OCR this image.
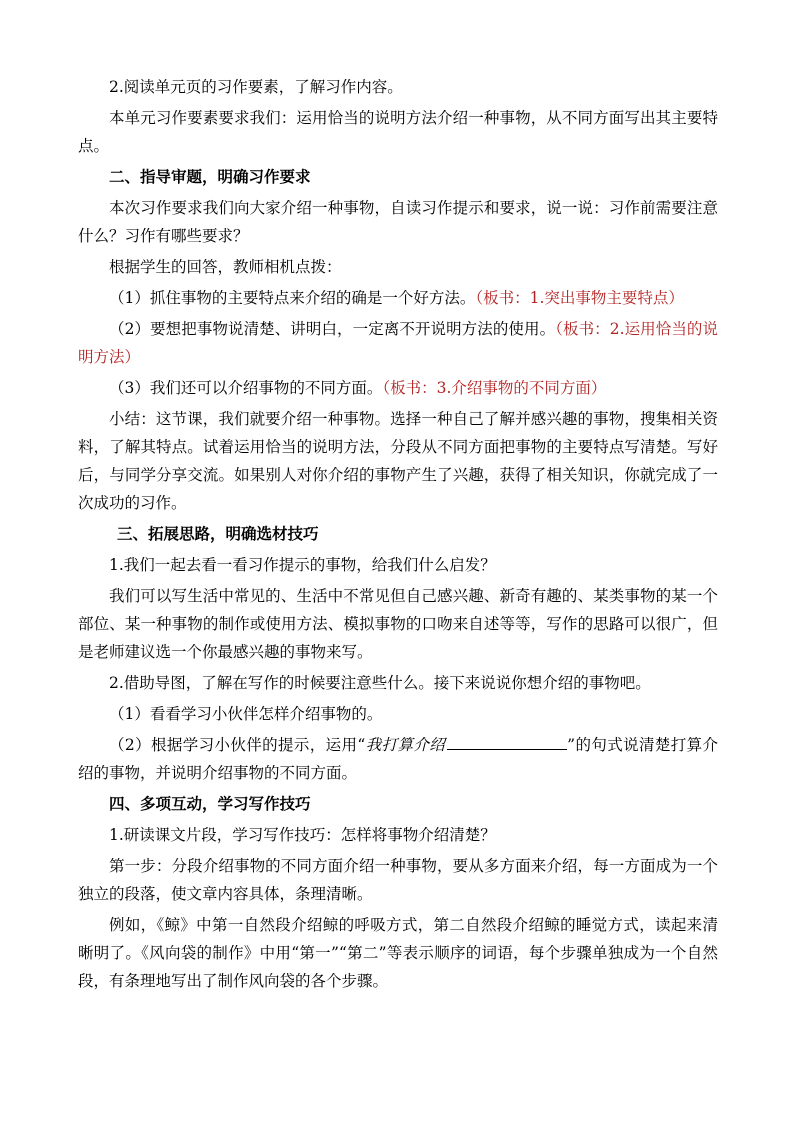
2.阅读单元页的习作要素，了解习作内容。

本单元习作要素要求我们：运用恰当的说明方法介绍一种事物，从不同方面写出其主要特点。

二、指导审题，明确习作要求

本次习作要求我们向大家介绍一种事物，自读习作提示和要求，说一说：习作前需要注意什么？习作有哪些要求？

根据学生的回答，教师相机点拨：

（1）抓住事物的主要特点来介绍的确是一个好方法。（板书：1.突出事物主要特点）

（2）要想把事物说清楚、讲明白，一定离不开说明方法的使用。（板书：2.运用恰当的说明方法）

（3）我们还可以介绍事物的不同方面。（板书：3.介绍事物的不同方面）

小结：这节课，我们就要介绍一种事物。选择一种自己了解并感兴趣的事物，搜集相关资料，了解其特点。试着运用恰当的说明方法，分段从不同方面把事物的主要特点写清楚。写好后，与同学分享交流。如果别人对你介绍的事物产生了兴趣，获得了相关知识，你就完成了一次成功的习作。

三、拓展思路，明确选材技巧

1.我们一起去看一看习作提示的事物，给我们什么启发？

我们可以写生活中常见的、生活中不常见但自己感兴趣、新奇有趣的、某类事物的某一个部位、某一种事物的制作或使用方法、模拟事物的口吻来自述等等，写作的思路可以很广，但是老师建议选一个你最感兴趣的事物来写。

2.借助导图，了解在写作的时候要注意些什么。接下来说说你想介绍的事物吧。

（1）看看学习小伙伴怎样介绍事物的。

（2）根据学习小伙伴的提示，运用“我打算介绍	”的句式说清楚打算介绍的事物，并说明介绍事物的不同方面。

四、多项互动，学习写作技巧

1.研读课文片段，学习写作技巧：怎样将事物介绍清楚？

第一步：分段介绍事物的不同方面介绍一种事物，要从多方面来介绍，每一方面成为一个独立的段落，使文章内容具体，条理清晰。

例如，《鲸》中第一自然段介绍鲸的呼吸方式，第二自然段介绍鲸的睡觉方式，读起来清晰明了。《风向袋的制作》中用“第一”“第二”等表示顺序的词语，每个步骤单独成为一个自然段，有条理地写出了制作风向袋的各个步骤。
